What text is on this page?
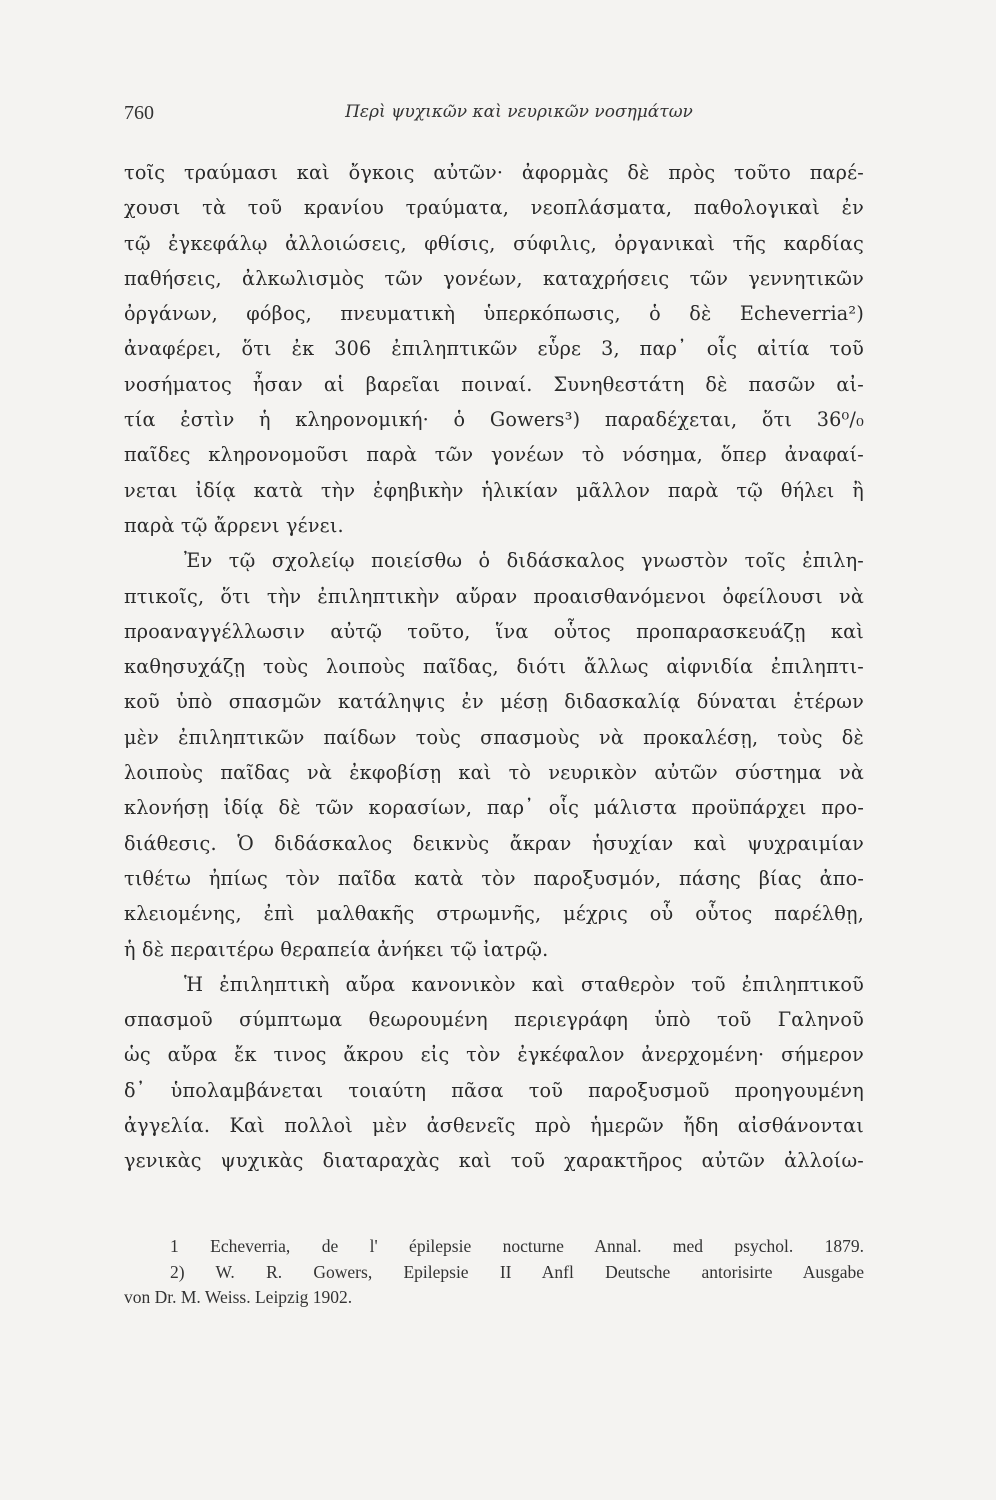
760	Περὶ ψυχικῶν καὶ νευρικῶν νοσημάτων
τοῖς τραύμασι καὶ ὄγκοις αὐτῶν· ἀφορμὰς δὲ πρὸς τοῦτο παρέ-
χουσι τὰ τοῦ κρανίου τραύματα, νεοπλάσματα, παθολογικαὶ ἐν
τῷ ἐγκεφάλῳ ἀλλοιώσεις, φθίσις, σύφιλις, ὀργανικαὶ τῆς καρδίας
παθήσεις, ἀλκωλισμὸς τῶν γονέων, καταχρήσεις τῶν γεννητικῶν
ὀργάνων, φόβος, πνευματικὴ ὑπερκόπωσις, ὁ δὲ Echeverria²)
ἀναφέρει, ὅτι ἐκ 306 ἐπιληπτικῶν εὗρε 3, παρ᾽ οἷς αἰτία τοῦ
νοσήματος ἦσαν αἱ βαρεῖαι ποιναί. Συνηθεστάτη δὲ πασῶν αἰ-
τία ἐστὶν ἡ κληρονομική· ὁ Gowers³) παραδέχεται, ὅτι 36⁰/₀
παῖδες κληρονομοῦσι παρὰ τῶν γονέων τὸ νόσημα, ὅπερ ἀναφαί-
νεται ἰδίᾳ κατὰ τὴν ἐφηβικὴν ἡλικίαν μᾶλλον παρὰ τῷ θήλει ἢ
παρὰ τῷ ἄρρενι γένει.
Ἐν τῷ σχολείῳ ποιείσθω ὁ διδάσκαλος γνωστὸν τοῖς ἐπιλη-
πτικοῖς, ὅτι τὴν ἐπιληπτικὴν αὔραν προαισθανόμενοι ὀφείλουσι νὰ
προαναγγέλλωσιν αὐτῷ τοῦτο, ἵνα οὗτος προπαρασκευάζῃ καὶ
καθησυχάζῃ τοὺς λοιποὺς παῖδας, διότι ἄλλως αἰφνιδία ἐπιληπτι-
κοῦ ὑπὸ σπασμῶν κατάληψις ἐν μέσῃ διδασκαλίᾳ δύναται ἑτέρων
μὲν ἐπιληπτικῶν παίδων τοὺς σπασμοὺς νὰ προκαλέσῃ, τοὺς δὲ
λοιποὺς παῖδας νὰ ἐκφοβίσῃ καὶ τὸ νευρικὸν αὐτῶν σύστημα νὰ
κλονήσῃ ἰδίᾳ δὲ τῶν κορασίων, παρ᾽ οἷς μάλιστα προϋπάρχει προ-
διάθεσις. Ὁ διδάσκαλος δεικνὺς ἄκραν ἡσυχίαν καὶ ψυχραιμίαν
τιθέτω ἠπίως τὸν παῖδα κατὰ τὸν παροξυσμόν, πάσης βίας ἀπο-
κλειομένης, ἐπὶ μαλθακῆς στρωμνῆς, μέχρις οὗ οὗτος παρέλθῃ,
ἡ δὲ περαιτέρω θεραπεία ἀνήκει τῷ ἰατρῷ.
Ἡ ἐπιληπτικὴ αὔρα κανονικὸν καὶ σταθερὸν τοῦ ἐπιληπτικοῦ
σπασμοῦ σύμπτωμα θεωρουμένη περιεγράφη ὑπὸ τοῦ Γαληνοῦ
ὡς αὔρα ἔκ τινος ἄκρου εἰς τὸν ἐγκέφαλον ἀνερχομένη· σήμερον
δ᾽ ὑπολαμβάνεται τοιαύτη πᾶσα τοῦ παροξυσμοῦ προηγουμένη
ἀγγελία. Καὶ πολλοὶ μὲν ἀσθενεῖς πρὸ ἡμερῶν ἤδη αἰσθάνονται
γενικὰς ψυχικὰς διαταραχὰς καὶ τοῦ χαρακτῆρος αὐτῶν ἀλλοίω-
1 Echeverria, de l' épilepsie nocturne Annal. med psychol. 1879.
2) W. R. Gowers, Epilepsie II Anfl Deutsche antorisirte Ausgabe
von Dr. M. Weiss. Leipzig 1902.
